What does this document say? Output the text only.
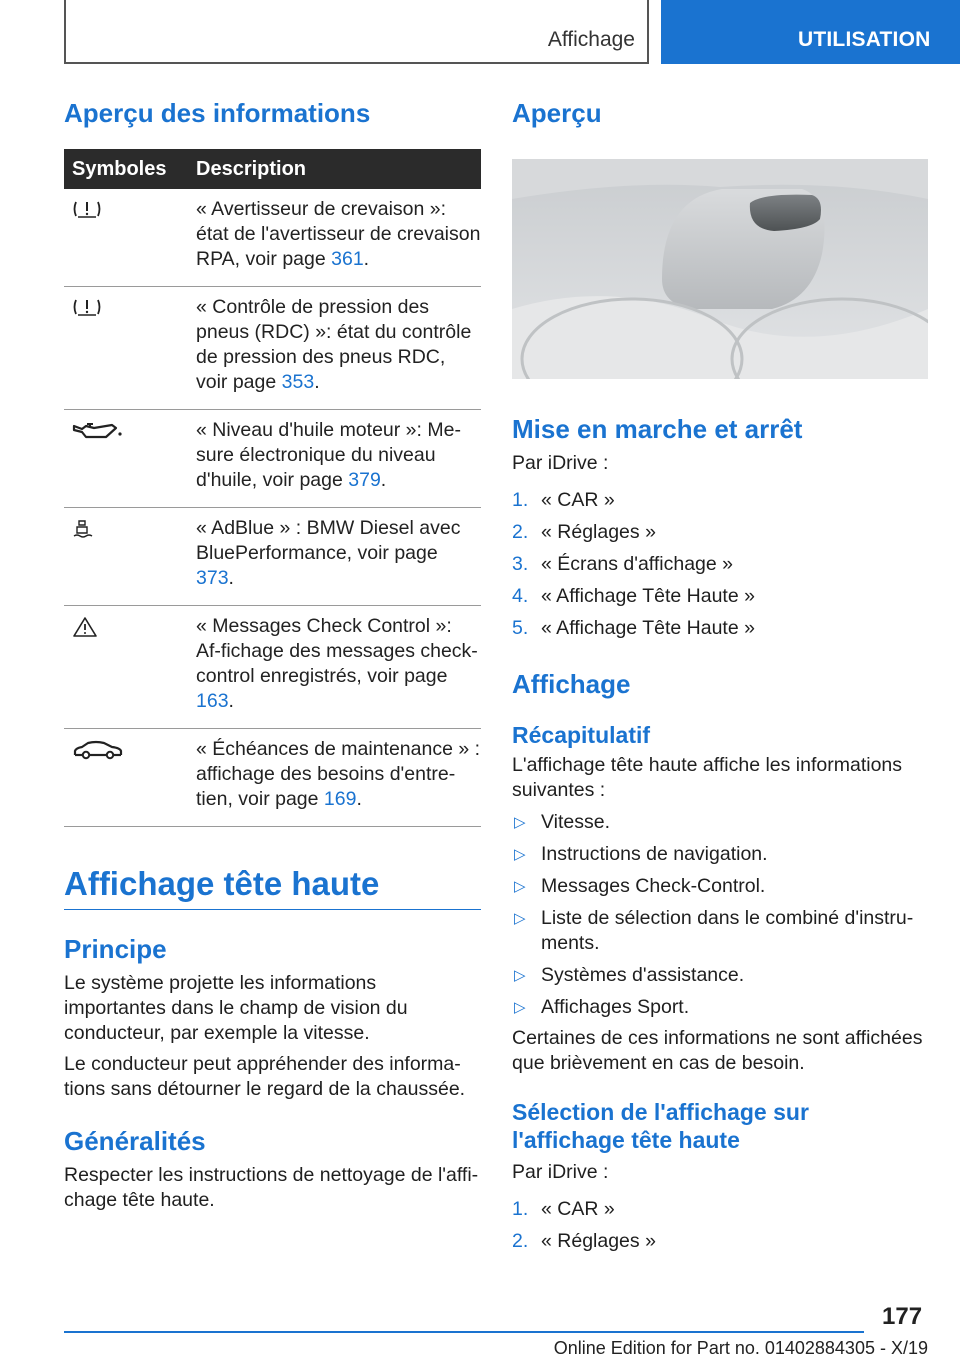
Affichage	UTILISATION
Aperçu des informations
Symboles	Description
	« Avertisseur de crevaison »: état de l'avertisseur de crevaison RPA, voir page 361.
	« Contrôle de pression des pneus (RDC) »: état du contrôle de pression des pneus RDC, voir page 353.
	« Niveau d'huile moteur »: Me-sure électronique du niveau d'huile, voir page 379.
	« AdBlue » : BMW Diesel avec BluePerformance, voir page 373.
	« Messages Check Control »: Af-fichage des messages check-control enregistrés, voir page 163.
	« Échéances de maintenance » : affichage des besoins d'entre-tien, voir page 169.
Affichage tête haute
Principe
Le système projette les informations importantes dans le champ de vision du conducteur, par exemple la vitesse.
Le conducteur peut appréhender des informa-tions sans détourner le regard de la chaussée.
Généralités
Respecter les instructions de nettoyage de l'affi-chage tête haute.
Aperçu
Mise en marche et arrêt
Par iDrive :
1. « CAR »
2. « Réglages »
3. « Écrans d'affichage »
4. « Affichage Tête Haute »
5. « Affichage Tête Haute »
Affichage
Récapitulatif
L'affichage tête haute affiche les informations suivantes :
▷ Vitesse.
▷ Instructions de navigation.
▷ Messages Check-Control.
▷ Liste de sélection dans le combiné d'instru-ments.
▷ Systèmes d'assistance.
▷ Affichages Sport.
Certaines de ces informations ne sont affichées que brièvement en cas de besoin.
Sélection de l'affichage sur l'affichage tête haute
Par iDrive :
1. « CAR »
2. « Réglages »
177
Online Edition for Part no. 01402884305 - X/19
